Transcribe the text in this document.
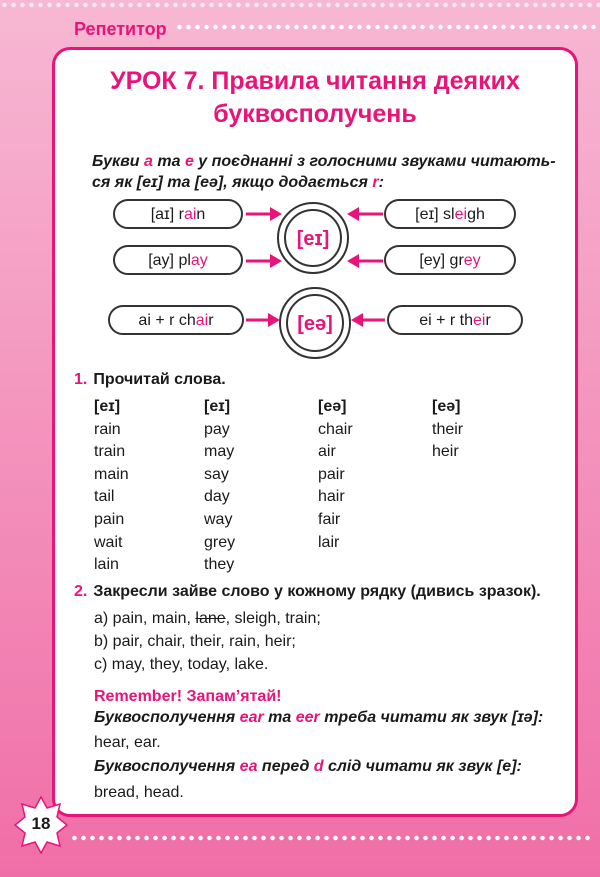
Репетитор
УРОК 7. Правила читання деяких
буквосполучень
Букви a та e у поєднанні з голосними звуками читають-
ся як [eɪ] та [eə], якщо додається r:
[aɪ] rain
[ay] play
[eɪ] sleigh
[ey] grey
ai + r chair	ei + r their
[eɪ]
[eə]
1. Прочитай слова.
[eɪ]
rain
train
main
tail
pain
wait
lain
[eɪ]
pay
may
say
day
way
grey
they
[eə]
chair
air
pair
hair
fair
lair
[eə]
their
heir
2. Закресли зайве слово у кожному рядку (дивись зразок).
a) pain, main, lane, sleigh, train;
b) pair, chair, their, rain, heir;
c) may, they, today, lake.
Remember! Запам’ятай!
Буквосполучення ear та eer треба читати як звук [ɪə]:
hear, ear.
Буквосполучення ea перед d слід читати як звук [e]:
bread, head.
18
